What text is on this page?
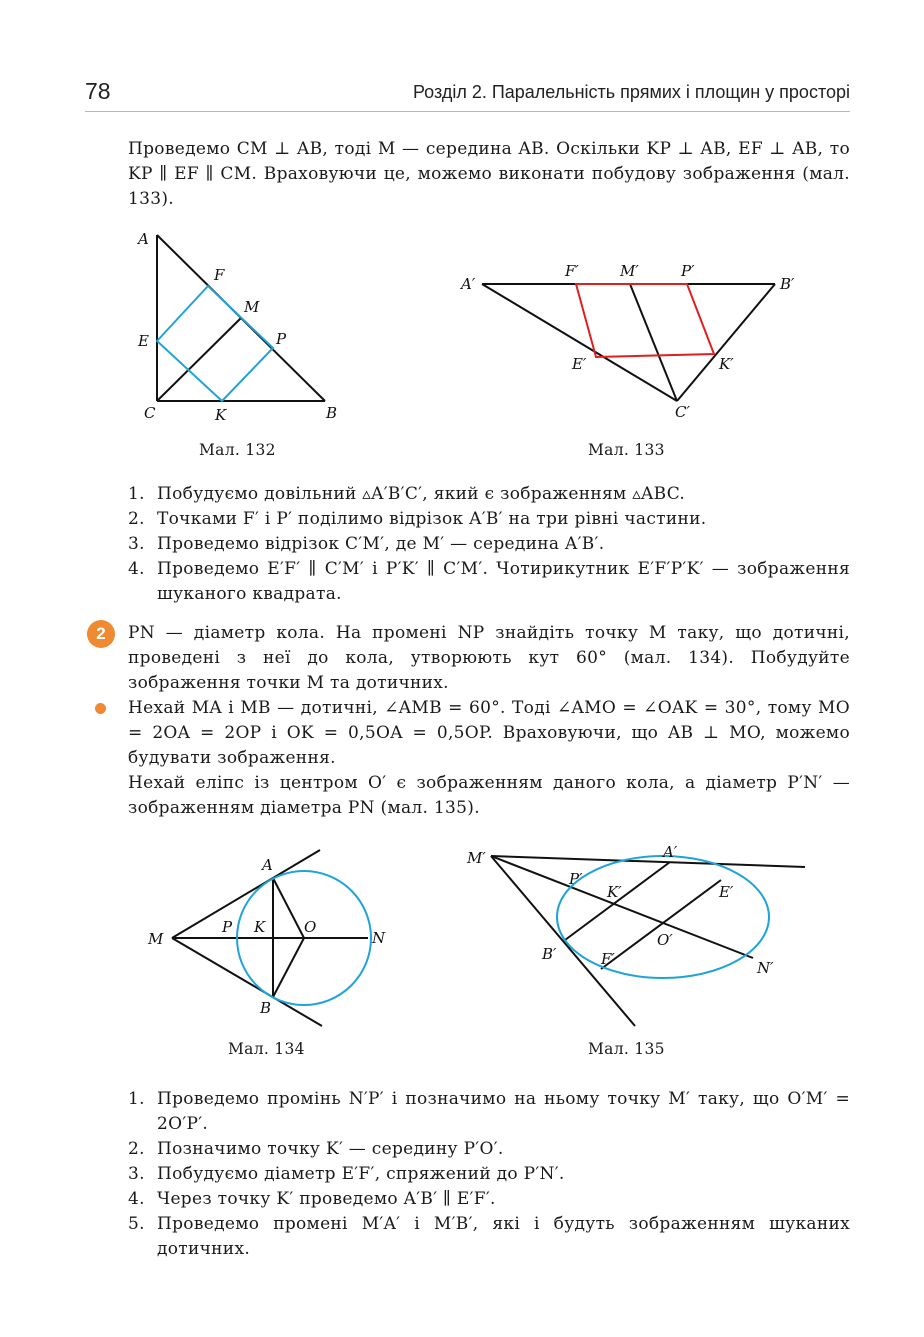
78	Розділ 2. Паралельність прямих і площин у просторі
Проведемо CM ⊥ AB, тоді M — середина AB. Оскільки KP ⊥ AB, EF ⊥ AB, то KP ∥ EF ∥ CM. Враховуючи це, можемо виконати побудову зображення (мал. 133).
A
F
M
E	P
C	K	B
Мал. 132
A′
F′	M′	P′
B′
E′	K′
C′
Мал. 133
1. Побудуємо довільний ▵A′B′C′, який є зображенням ▵ABC.
2. Точками F′ і P′ поділимо відрізок A′B′ на три рівні частини.
3. Проведемо відрізок C′M′, де M′ — середина A′B′.
4. Проведемо E′F′ ∥ C′M′ і P′K′ ∥ C′M′. Чотирикутник E′F′P′K′ — зображення шуканого квадрата.
2	PN — діаметр кола. На промені NP знайдіть точку M таку, що дотичні, проведені з неї до кола, утворюють кут 60° (мал. 134). Побудуйте зображення точки M та дотичних.
Нехай MA і MB — дотичні, ∠AMB = 60°. Тоді ∠AMO = ∠OAK = 30°, тому MO = 2OA = 2OP і OK = 0,5OA = 0,5OP. Враховуючи, що AB ⊥ MO, можемо будувати зображення.
Нехай еліпс із центром O′ є зображенням даного кола, а діаметр P′N′ — зображенням діаметра PN (мал. 135).
A
M
P K	O
N
B
Мал. 134
M′	A′
P′
K′	E′
O′
B′	F′	N′
Мал. 135
1. Проведемо промінь N′P′ і позначимо на ньому точку M′ таку, що O′M′ = 2O′P′.
2. Позначимо точку K′ — середину P′O′.
3. Побудуємо діаметр E′F′, спряжений до P′N′.
4. Через точку K′ проведемо A′B′ ∥ E′F′.
5. Проведемо промені M′A′ і M′B′, які і будуть зображенням шуканих дотичних.
